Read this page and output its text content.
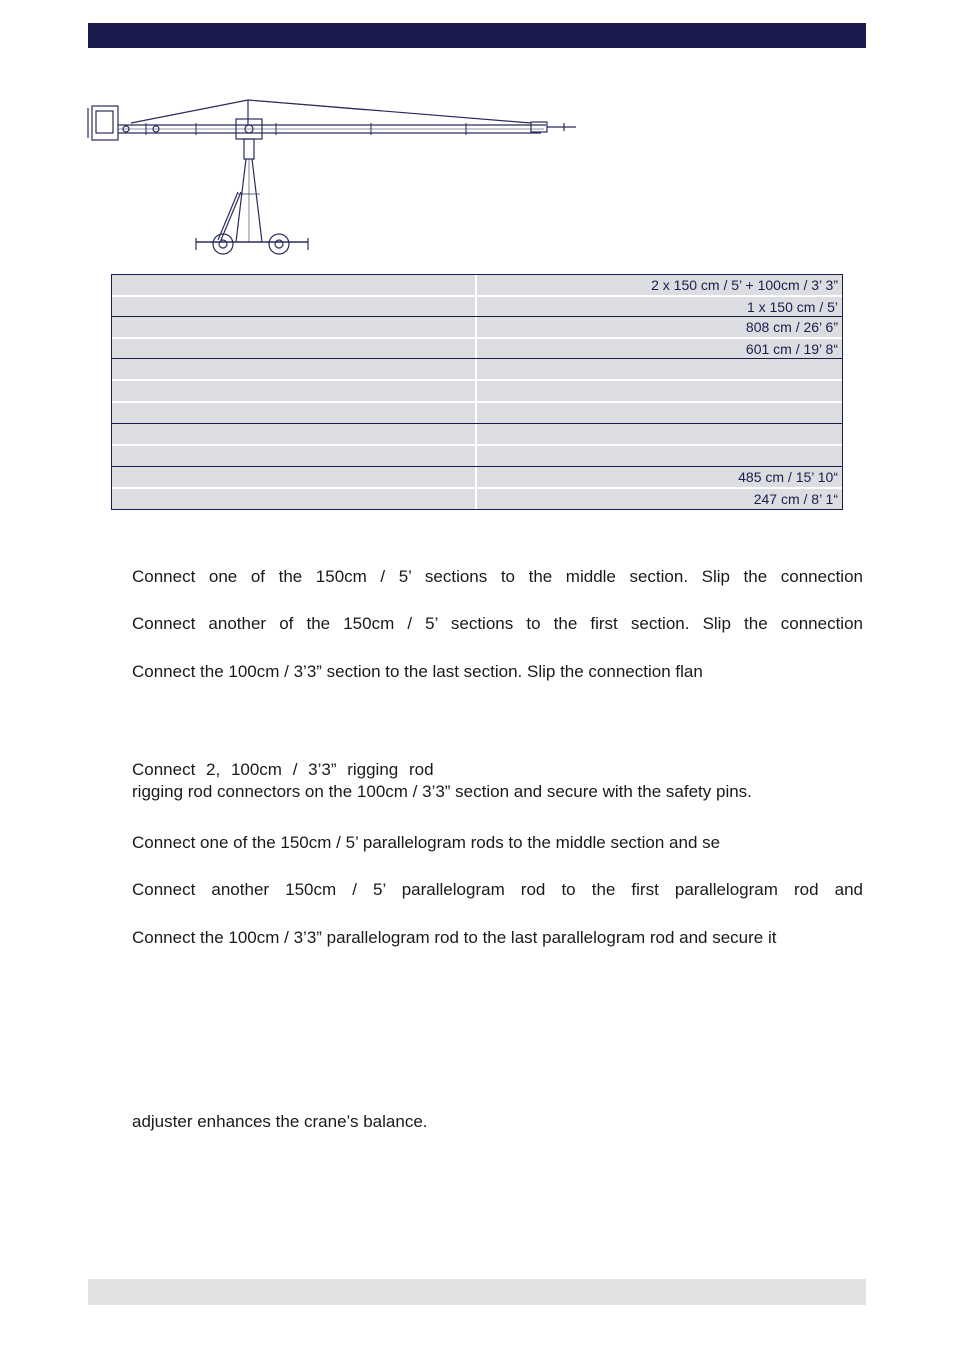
2 x 150 cm / 5’ + 100cm / 3’ 3”
1 x 150 cm / 5’
808 cm / 26’ 6”
601 cm / 19’ 8“
485 cm / 15’ 10“
247 cm / 8’ 1“

Connect one of the 150cm / 5’ sections to the middle section. Slip the connection

Connect another of the 150cm / 5’ sections to the first section. Slip the connection

Connect the 100cm / 3’3” section to the last section. Slip the connection flan

Connect 2, 100cm / 3’3” rigging rod

rigging rod connectors on the 100cm / 3’3” section and secure with the safety pins.

Connect one of the 150cm / 5’ parallelogram rods to the middle section and se

Connect another 150cm / 5’ parallelogram rod to the first parallelogram rod and

Connect the 100cm / 3’3” parallelogram rod to the last parallelogram rod and secure it

adjuster enhances the crane’s balance.
